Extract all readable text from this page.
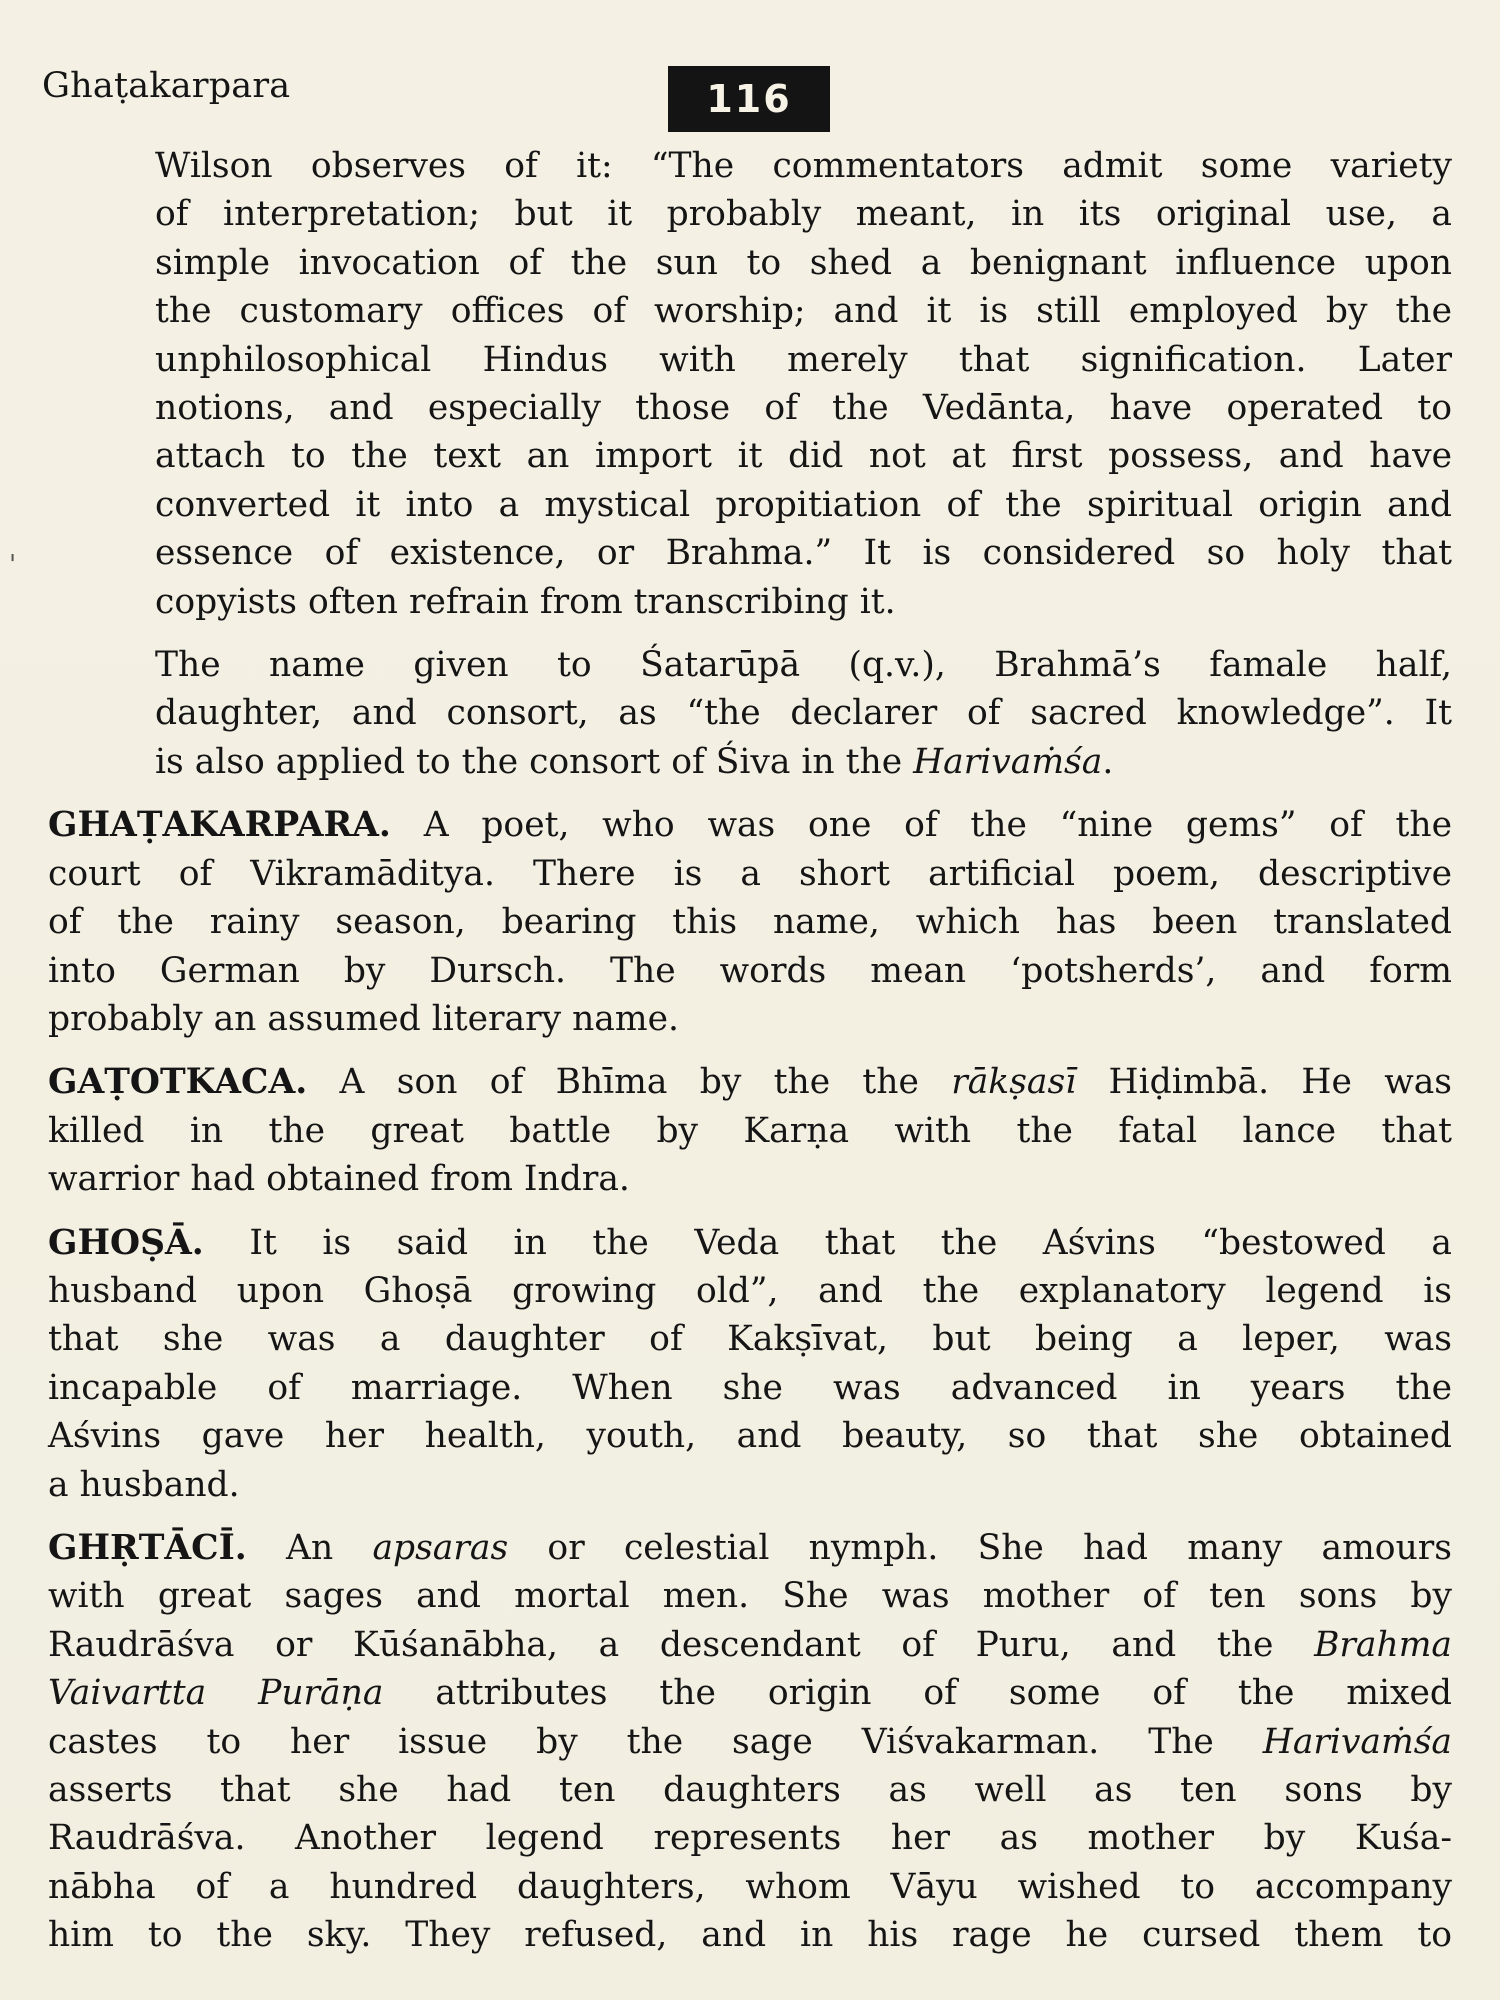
Ghaṭakarpara	116
'

Wilson observes of it: “The commentators admit some variety
of interpretation; but it probably meant, in its original use, a
simple invocation of the sun to shed a benignant influence upon
the customary offices of worship; and it is still employed by the
unphilosophical Hindus with merely that signification. Later
notions, and especially those of the Vedānta, have operated to
attach to the text an import it did not at first possess, and have
converted it into a mystical propitiation of the spiritual origin and
essence of existence, or Brahma.” It is considered so holy that
copyists often refrain from transcribing it.

The name given to Śatarūpā (q.v.), Brahmā’s famale half,
daughter, and consort, as “the declarer of sacred knowledge”. It
is also applied to the consort of Śiva in the Harivaṁśa.

GHAṬAKARPARA. A poet, who was one of the “nine gems” of the
court of Vikramāditya. There is a short artificial poem, descriptive
of the rainy season, bearing this name, which has been translated
into German by Dursch. The words mean ‘potsherds’, and form
probably an assumed literary name.

GAṬOTKACA. A son of Bhīma by the the rākṣasī Hiḍimbā. He was
killed in the great battle by Karṇa with the fatal lance that
warrior had obtained from Indra.

GHOṢĀ. It is said in the Veda that the Aśvins “bestowed a
husband upon Ghoṣā growing old”, and the explanatory legend is
that she was a daughter of Kakṣīvat, but being a leper, was
incapable of marriage. When she was advanced in years the
Aśvins gave her health, youth, and beauty, so that she obtained
a husband.

GHṚTĀCĪ. An apsaras or celestial nymph. She had many amours
with great sages and mortal men. She was mother of ten sons by
Raudrāśva or Kūśanābha, a descendant of Puru, and the Brahma
Vaivartta Purāṇa attributes the origin of some of the mixed
castes to her issue by the sage Viśvakarman. The Harivaṁśa
asserts that she had ten daughters as well as ten sons by
Raudrāśva. Another legend represents her as mother by Kuśa-
nābha of a hundred daughters, whom Vāyu wished to accompany
him to the sky. They refused, and in his rage he cursed them to
